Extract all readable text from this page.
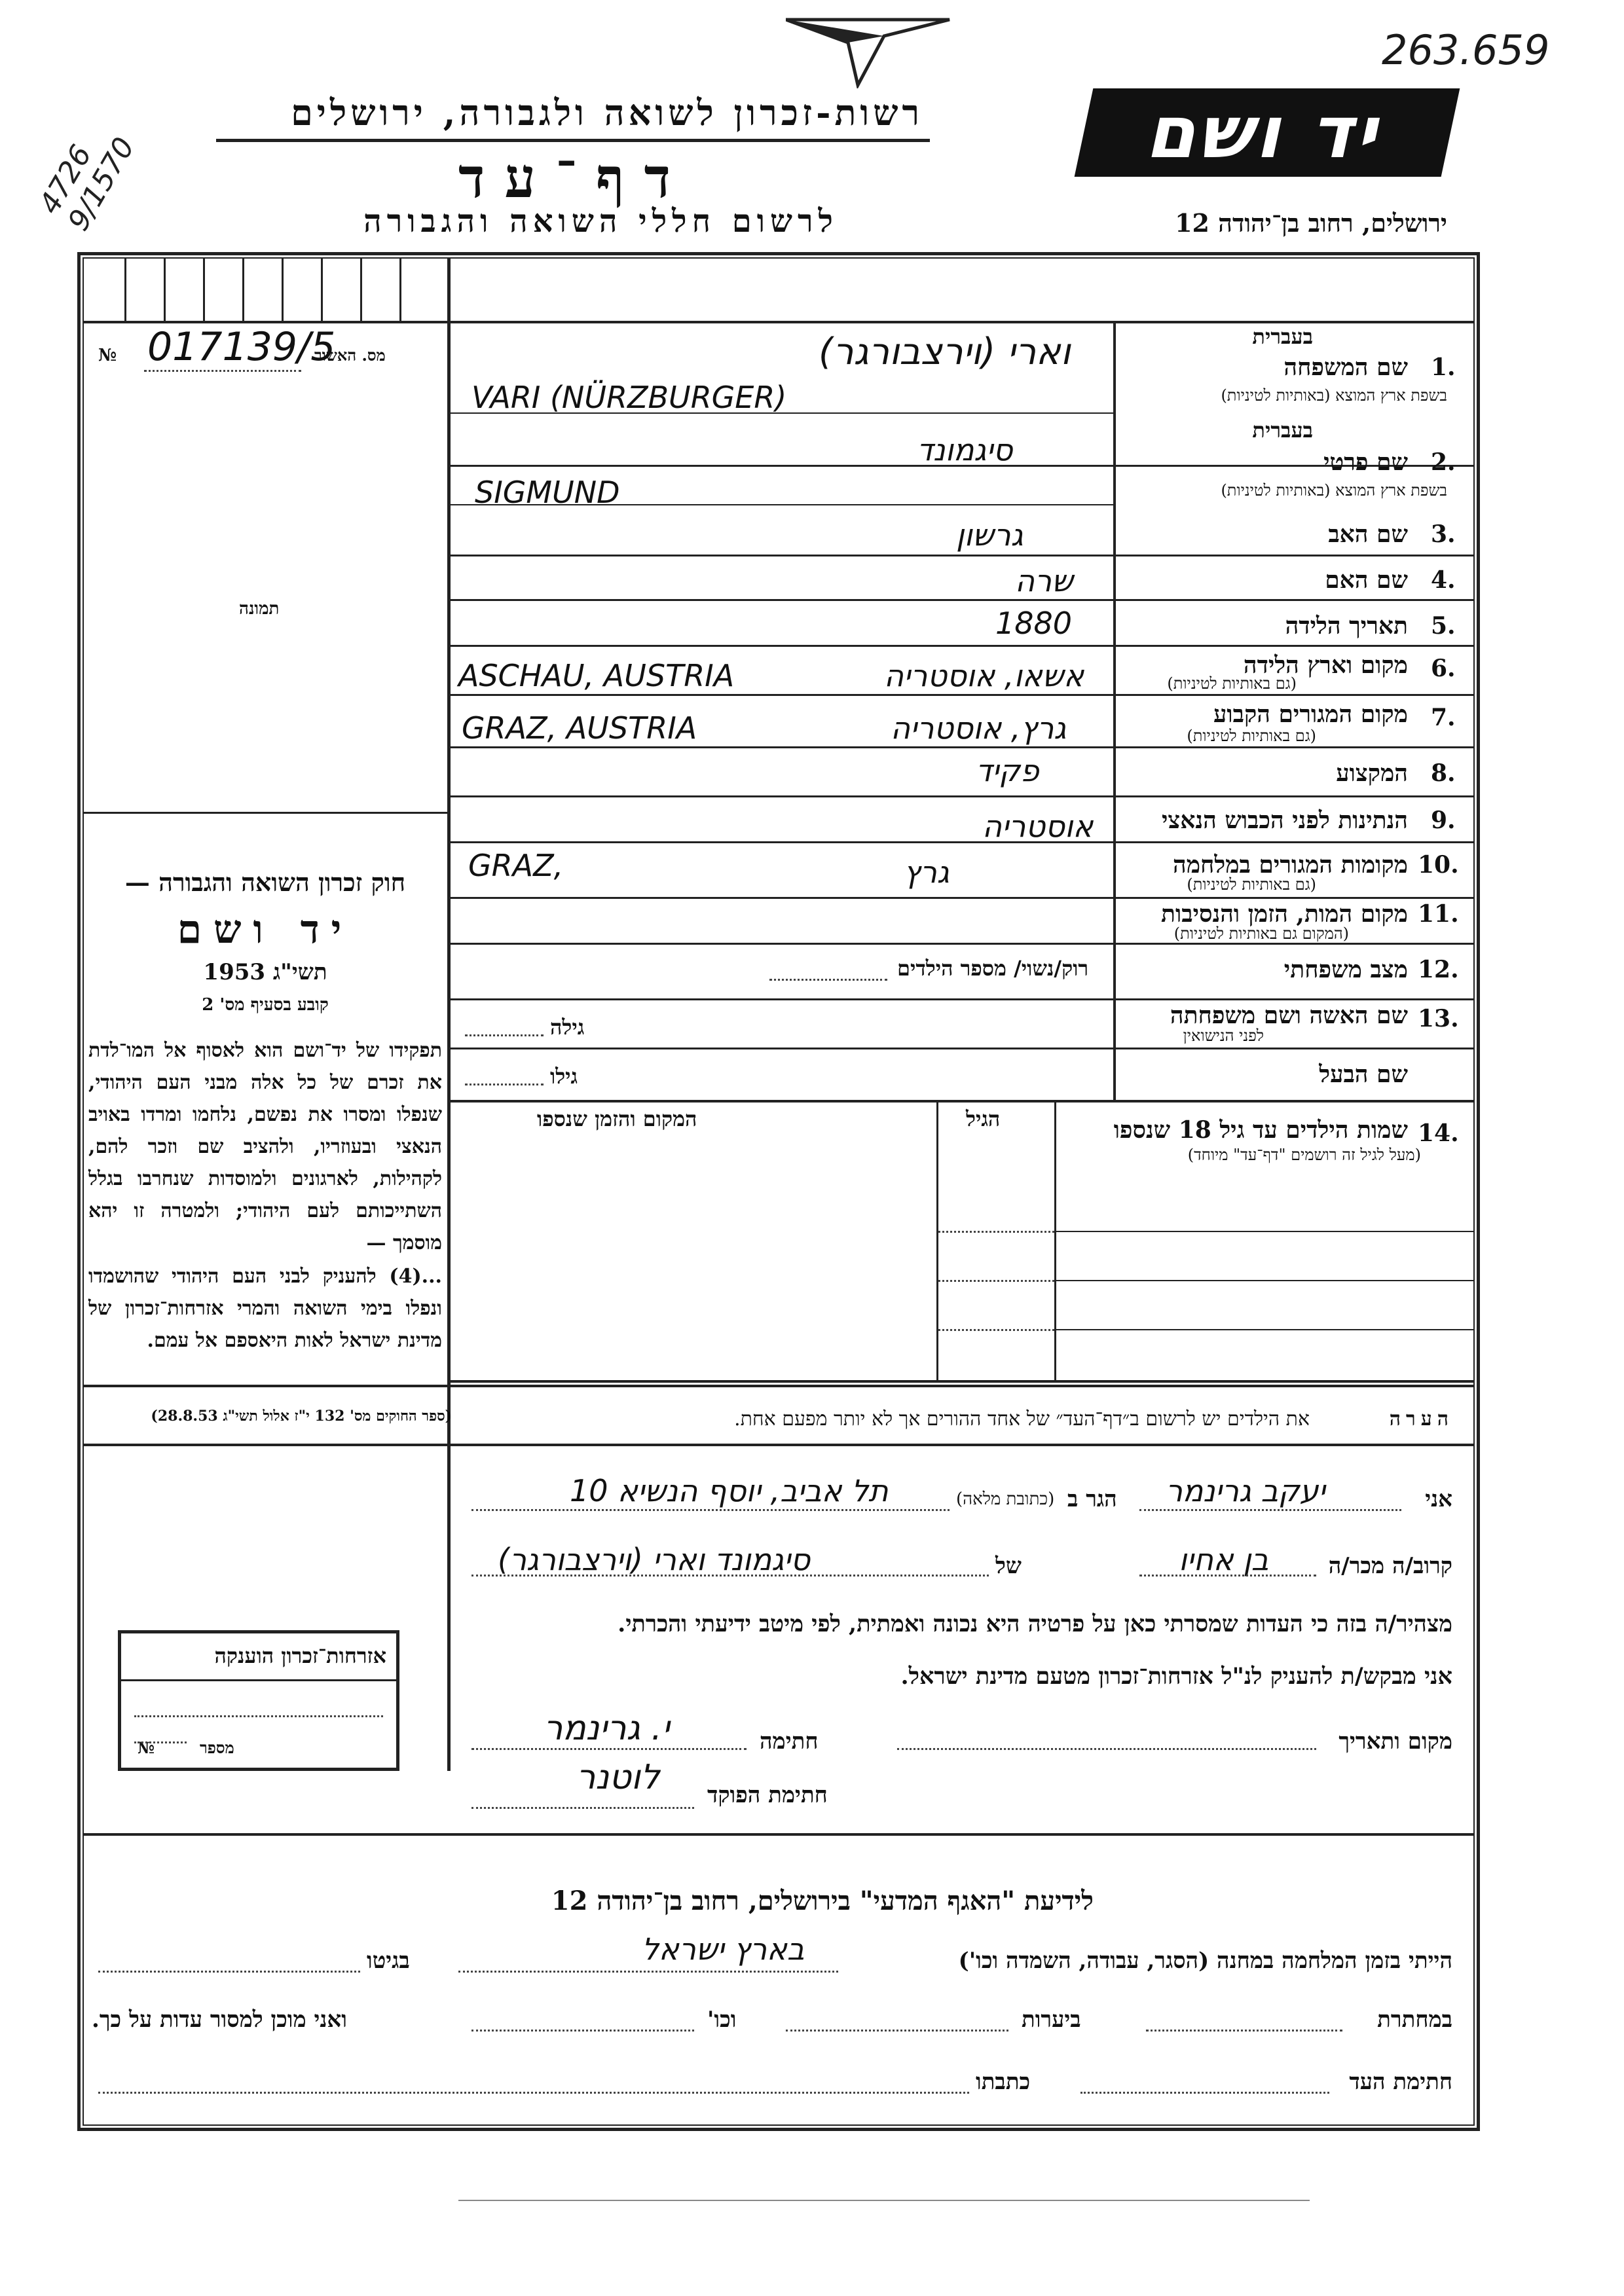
4726 9/1570
263.659
רשות-זכרון לשואה ולגבורה, ירושלים
דף־עד
לרשום חללי השואה והגבורה
יד ושם
ירושלים, רחוב בן־יהודה 12
מס. האשור
017139/5
№
תמונה
בעברית
1.
שם המשפחה
בשפת ארץ המוצא (באותיות לטיניות)
וארי (וירצבורגר)
VARI (NÜRZBURGER)
בעברית
2.
שם פרטי
בשפת ארץ המוצא (באותיות לטיניות)
סיגמונד
SIGMUND
3.
שם האב
גרשון
4.
שם האם
שרה
5.
תאריך הלידה
1880
6.
מקום וארץ הלידה
(גם באותיות לטיניות)
אשאו, אוסטריה
ASCHAU, AUSTRIA
7.
מקום המגורים הקבוע
(גם באותיות לטיניות)
גרץ, אוסטריה
GRAZ, AUSTRIA
8.
המקצוע
פקיד
9.
הנתינות לפני הכבוש הנאצי
אוסטריה
10.
מקומות המגורים במלחמה
(גם באותיות לטיניות)
גרץ
GRAZ,
11.
מקום המות, הזמן והנסיבות
(המקום גם באותיות לטיניות)
12.
מצב משפחתי
רוק/נשוי/ מספר הילדים
13.
שם האשה ושם משפחתה
לפני הנישואין
גילה
שם הבעל
גילו
14.
שמות הילדים עד גיל 18 שנספו
(מעל לגיל זה רושמים "דף־עד" מיוחד)
הגיל
המקום והזמן שנספו
חוק זכרון השואה והגבורה —
יד ושם
תשי"ג 1953
קובע בסעיף מס' 2
תפקידו של יד־ושם הוא לאסוף אל המו־לדת את זכרם של כל אלה מבני העם היהודי, שנפלו ומסרו את נפשם, נלחמו ומרדו באויב הנאצי ובעוזריו, ולהציב שם וזכר להם, לקהילות, לארגונים ולמוסדות שנחרבו בגלל השתייכותם לעם היהודי; ולמטרה זו יהא מוסמך —
...(4) להעניק לבני העם היהודי שהושמדו ונפלו בימי השואה והמרי אזרחות־זכרון של מדינת ישראל לאות היאספם אל עמם.
(ספר החוקים מס' 132 י"ז אלול תשי"ג 28.8.53)	הערה
את הילדים יש לרשום ב״דף־העד״ של אחד ההורים אך לא יותר מפעם אחת.
אני
יעקב גרינמר
הגר ב
(כתובת מלאה)
תל אביב, יוסף הנשיא 10
קרוב/ה מכר/ה
בן אחיו
של
סיגמונד וארי (וירצבורגר)
מצהיר/ה בזה כי העדות שמסרתי כאן על פרטיה היא נכונה ואמתית, לפי מיטב ידיעתי והכרתי.
אני מבקש/ת להעניק לנ"ל אזרחות־זכרון מטעם מדינת ישראל.
מקום ותאריך
חתימה
י. גרינמר
חתימת הפוקד
לוטנר
אזרחות־זכרון הוענקה
מספר
№
לידיעת "האגף המדעי" בירושלים, רחוב בן־יהודה 12
הייתי בזמן המלחמה במחנה (הסגר, עבודה, השמדה וכו')
בארץ ישראל
בגיטו
במחתרת
ביערות
וכו'
ואני מוכן למסור עדות על כך.
חתימת העד
כתבתו
